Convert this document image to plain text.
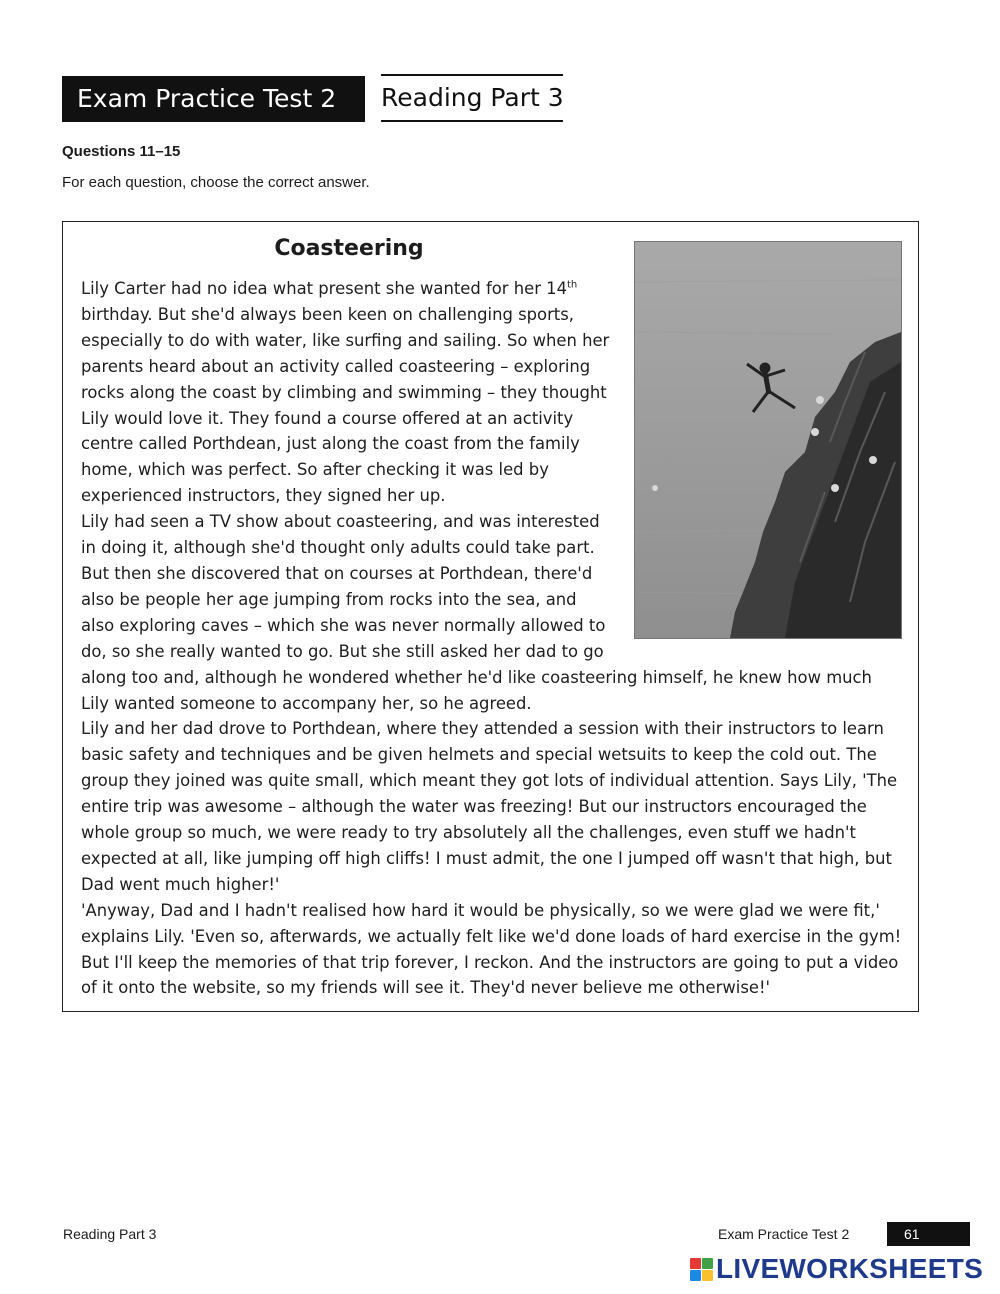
Exam Practice Test 2	Reading Part 3
Questions 11–15
For each question, choose the correct answer.
Coasteering

Lily Carter had no idea what present she wanted for her 14th birthday. But she'd always been keen on challenging sports, especially to do with water, like surfing and sailing. So when her parents heard about an activity called coasteering – exploring rocks along the coast by climbing and swimming – they thought Lily would love it. They found a course offered at an activity centre called Porthdean, just along the coast from the family home, which was perfect. So after checking it was led by experienced instructors, they signed her up.

Lily had seen a TV show about coasteering, and was interested in doing it, although she'd thought only adults could take part. But then she discovered that on courses at Porthdean, there'd also be people her age jumping from rocks into the sea, and also exploring caves – which she was never normally allowed to do, so she really wanted to go. But she still asked her dad to go

along too and, although he wondered whether he'd like coasteering himself, he knew how much Lily wanted someone to accompany her, so he agreed.

Lily and her dad drove to Porthdean, where they attended a session with their instructors to learn basic safety and techniques and be given helmets and special wetsuits to keep the cold out. The group they joined was quite small, which meant they got lots of individual attention. Says Lily, 'The entire trip was awesome – although the water was freezing! But our instructors encouraged the whole group so much, we were ready to try absolutely all the challenges, even stuff we hadn't expected at all, like jumping off high cliffs! I must admit, the one I jumped off wasn't that high, but Dad went much higher!'

'Anyway, Dad and I hadn't realised how hard it would be physically, so we were glad we were fit,' explains Lily. 'Even so, afterwards, we actually felt like we'd done loads of hard exercise in the gym! But I'll keep the memories of that trip forever, I reckon. And the instructors are going to put a video of it onto the website, so my friends will see it. They'd never believe me otherwise!'

Reading Part 3	Exam Practice Test 2	61
LIVEWORKSHEETS
